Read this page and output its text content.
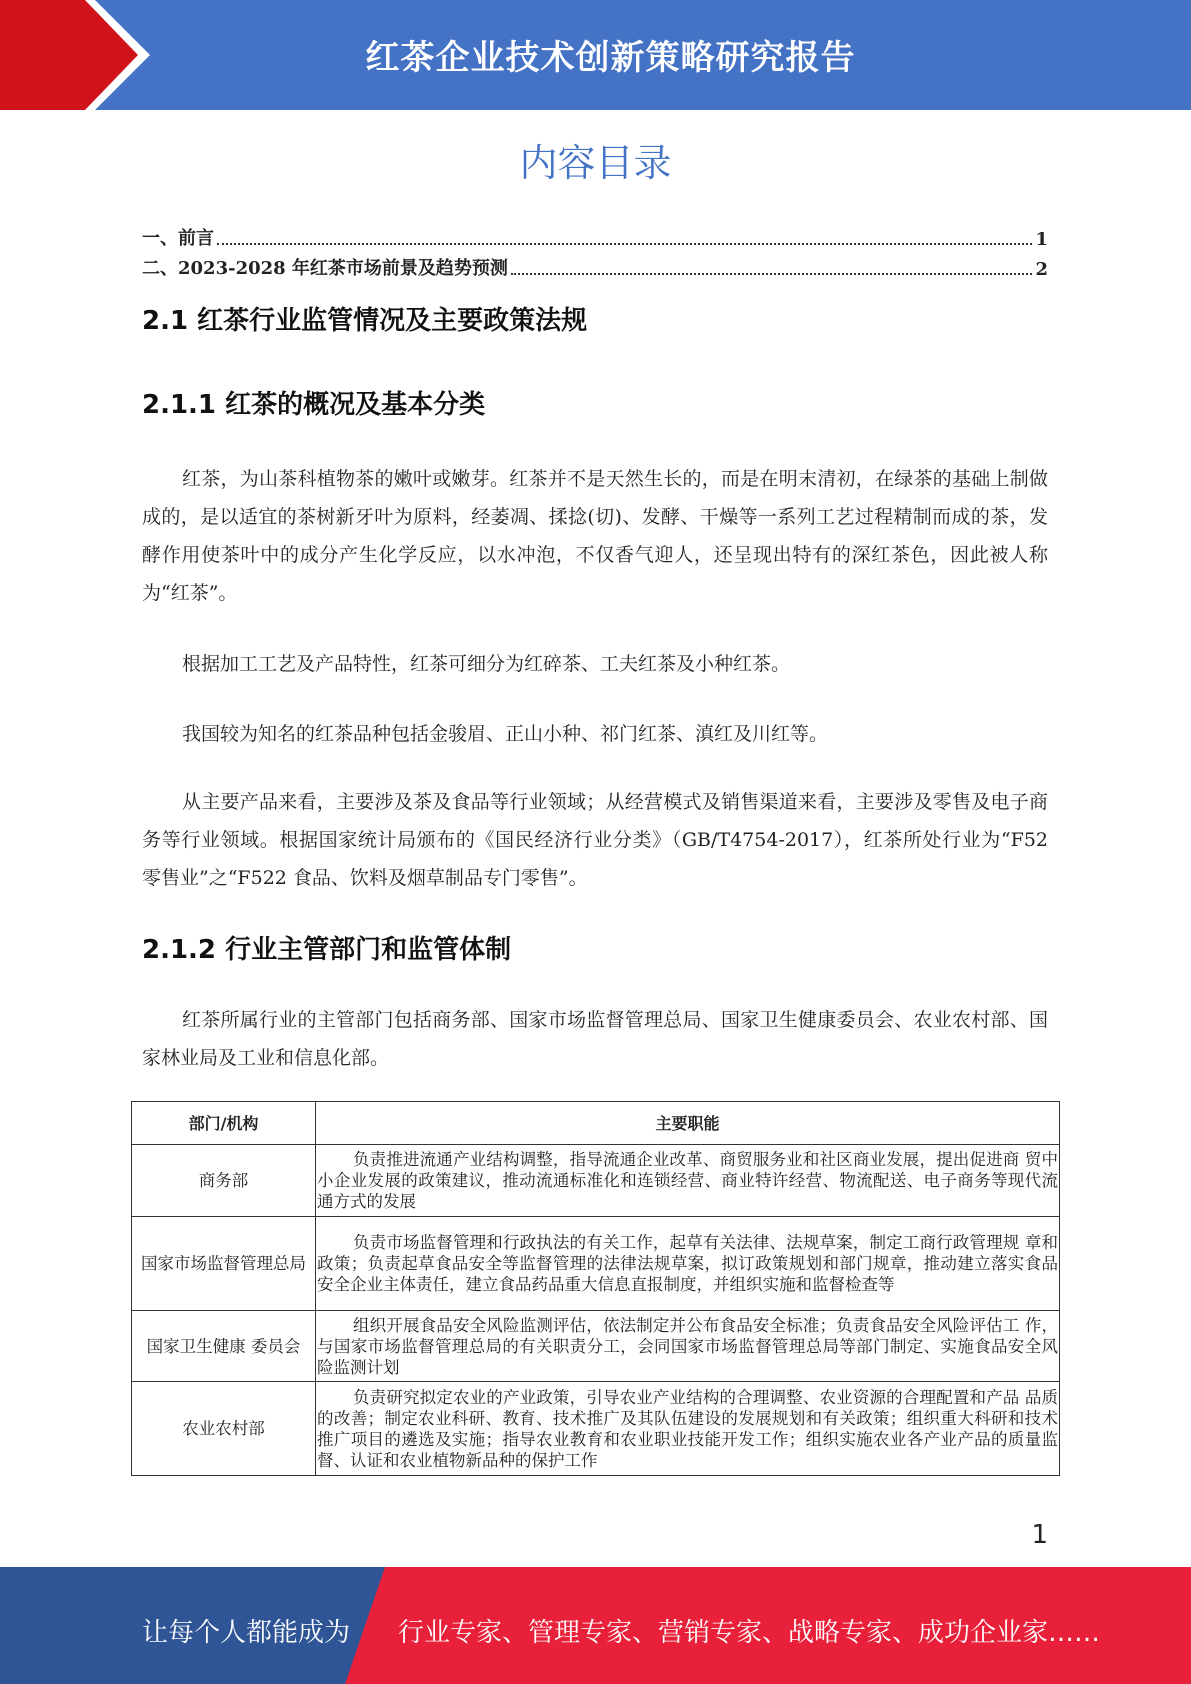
红茶企业技术创新策略研究报告
内容目录
一、前言	1
二、2023-2028 年红茶市场前景及趋势预测	2
2.1 红茶行业监管情况及主要政策法规
2.1.1 红茶的概况及基本分类

红茶，为山茶科植物茶的嫩叶或嫩芽。红茶并不是天然生长的，而是在明末清初，在绿茶的基础上制做成的，是以适宜的茶树新牙叶为原料，经萎凋、揉捻(切)、发酵、干燥等一系列工艺过程精制而成的茶，发酵作用使茶叶中的成分产生化学反应，以水冲泡，不仅香气迎人，还呈现出特有的深红茶色，因此被人称为“红茶”。

根据加工工艺及产品特性，红茶可细分为红碎茶、工夫红茶及小种红茶。

我国较为知名的红茶品种包括金骏眉、正山小种、祁门红茶、滇红及川红等。

从主要产品来看，主要涉及茶及食品等行业领域；从经营模式及销售渠道来看，主要涉及零售及电子商务等行业领域。根据国家统计局颁布的《国民经济行业分类》（GB/T4754-2017），红茶所处行业为“F52 零售业”之“F522 食品、饮料及烟草制品专门零售”。

2.1.2 行业主管部门和监管体制

红茶所属行业的主管部门包括商务部、国家市场监督管理总局、国家卫生健康委员会、农业农村部、国家林业局及工业和信息化部。

部门/机构	主要职能
商务部	负责推进流通产业结构调整，指导流通企业改革、商贸服务业和社区商业发展，提出促进商 贸中小企业发展的政策建议，推动流通标准化和连锁经营、商业特许经营、物流配送、电子商务等现代流通方式的发展
国家市场监督管理总局	负责市场监督管理和行政执法的有关工作，起草有关法律、法规草案，制定工商行政管理规 章和政策；负责起草食品安全等监督管理的法律法规草案，拟订政策规划和部门规章，推动建立落实食品安全企业主体责任，建立食品药品重大信息直报制度，并组织实施和监督检查等
国家卫生健康 委员会	组织开展食品安全风险监测评估，依法制定并公布食品安全标准；负责食品安全风险评估工 作，与国家市场监督管理总局的有关职责分工，会同国家市场监督管理总局等部门制定、实施食品安全风险监测计划
农业农村部	负责研究拟定农业的产业政策，引导农业产业结构的合理调整、农业资源的合理配置和产品 品质的改善；制定农业科研、教育、技术推广及其队伍建设的发展规划和有关政策；组织重大科研和技术推广项目的遴选及实施；指导农业教育和农业职业技能开发工作；组织实施农业各产业产品的质量监督、认证和农业植物新品种的保护工作
1
让每个人都能成为 行业专家、管理专家、营销专家、战略专家、成功企业家……
